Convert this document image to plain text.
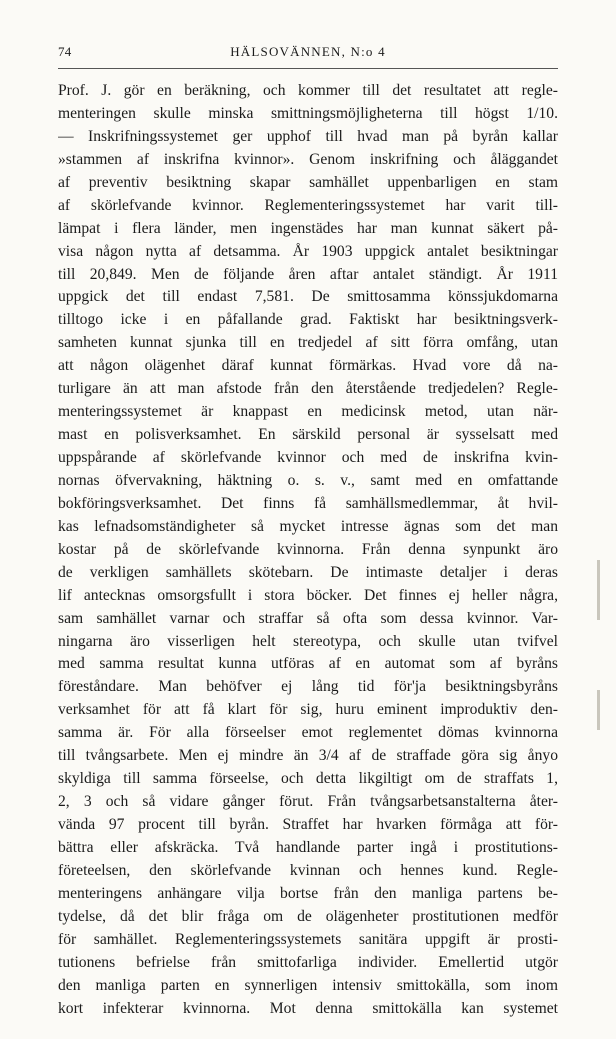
74	HÄLSOVÄNNEN, N:o 4
Prof. J. gör en beräkning, och kommer till det resultatet att regle-
menteringen skulle minska smittningsmöjligheterna till högst 1/10.
— Inskrifningssystemet ger upphof till hvad man på byrån kallar
»stammen af inskrifna kvinnor». Genom inskrifning och åläggandet
af preventiv besiktning skapar samhället uppenbarligen en stam
af skörlefvande kvinnor. Reglementeringssystemet har varit till-
lämpat i flera länder, men ingenstädes har man kunnat säkert på-
visa någon nytta af detsamma. År 1903 uppgick antalet besiktningar
till 20,849. Men de följande åren aftar antalet ständigt. År 1911
uppgick det till endast 7,581. De smittosamma könssjukdomarna
tilltogo icke i en påfallande grad. Faktiskt har besiktningsverk-
samheten kunnat sjunka till en tredjedel af sitt förra omfång, utan
att någon olägenhet däraf kunnat förmärkas. Hvad vore då na-
turligare än att man afstode från den återstående tredjedelen? Regle-
menteringssystemet är knappast en medicinsk metod, utan när-
mast en polisverksamhet. En särskild personal är sysselsatt med
uppspårande af skörlefvande kvinnor och med de inskrifna kvin-
nornas öfvervakning, häktning o. s. v., samt med en omfattande
bokföringsverksamhet. Det finns få samhällsmedlemmar, åt hvil-
kas lefnadsomständigheter så mycket intresse ägnas som det man
kostar på de skörlefvande kvinnorna. Från denna synpunkt äro
de verkligen samhällets skötebarn. De intimaste detaljer i deras
lif antecknas omsorgsfullt i stora böcker. Det finnes ej heller några,
sam samhället varnar och straffar så ofta som dessa kvinnor. Var-
ningarna äro visserligen helt stereotypa, och skulle utan tvifvel
med samma resultat kunna utföras af en automat som af byråns
föreståndare. Man behöfver ej lång tid för'ja besiktningsbyråns
verksamhet för att få klart för sig, huru eminent improduktiv den-
samma är. För alla förseelser emot reglementet dömas kvinnorna
till tvångsarbete. Men ej mindre än 3/4 af de straffade göra sig ånyo
skyldiga till samma förseelse, och detta likgiltigt om de straffats 1,
2, 3 och så vidare gånger förut. Från tvångsarbetsanstalterna åter-
vända 97 procent till byrån. Straffet har hvarken förmåga att för-
bättra eller afskräcka. Två handlande parter ingå i prostitutions-
företeelsen, den skörlefvande kvinnan och hennes kund. Regle-
menteringens anhängare vilja bortse från den manliga partens be-
tydelse, då det blir fråga om de olägenheter prostitutionen medför
för samhället. Reglementeringssystemets sanitära uppgift är prosti-
tutionens befrielse från smittofarliga individer. Emellertid utgör
den manliga parten en synnerligen intensiv smittokälla, som inom
kort infekterar kvinnorna. Mot denna smittokälla kan systemet
